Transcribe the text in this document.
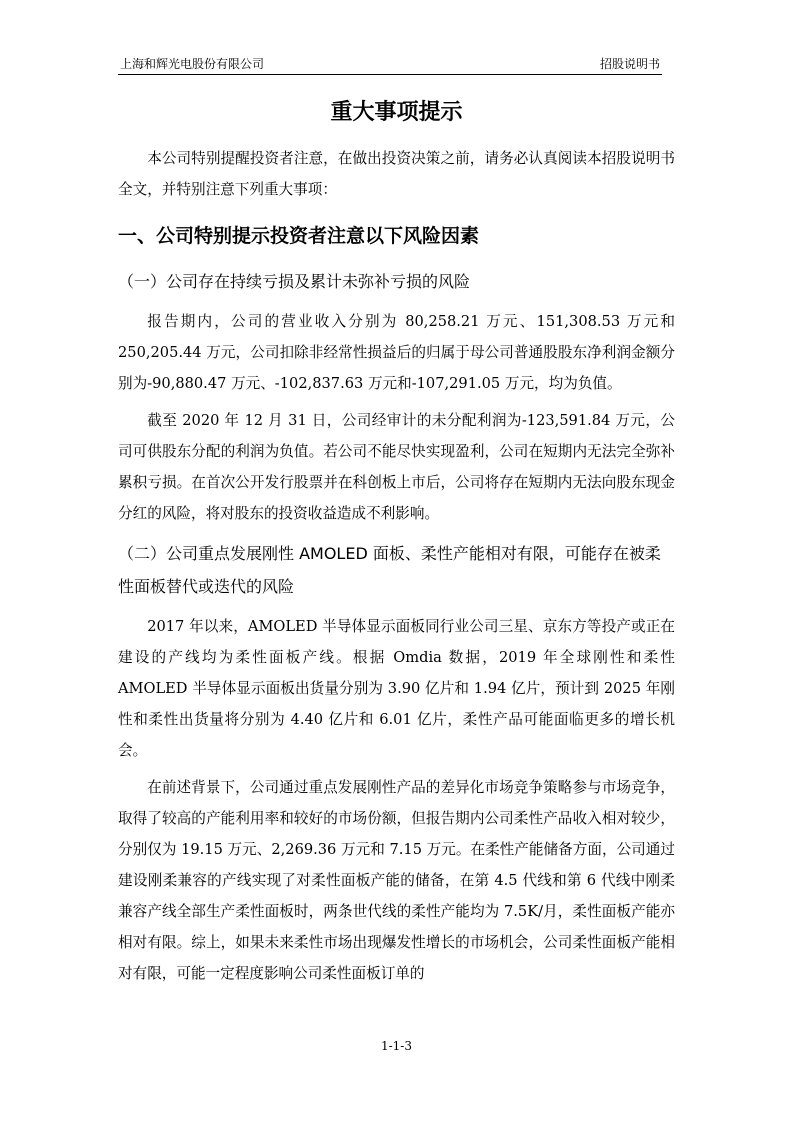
上海和辉光电股份有限公司	招股说明书
重大事项提示

本公司特别提醒投资者注意，在做出投资决策之前，请务必认真阅读本招股说明书全文，并特别注意下列重大事项：

一、公司特别提示投资者注意以下风险因素
（一）公司存在持续亏损及累计未弥补亏损的风险

报告期内，公司的营业收入分别为 80,258.21 万元、151,308.53 万元和 250,205.44 万元，公司扣除非经常性损益后的归属于母公司普通股股东净利润金额分别为-90,880.47 万元、-102,837.63 万元和-107,291.05 万元，均为负值。

截至 2020 年 12 月 31 日，公司经审计的未分配利润为-123,591.84 万元，公司可供股东分配的利润为负值。若公司不能尽快实现盈利，公司在短期内无法完全弥补累积亏损。在首次公开发行股票并在科创板上市后，公司将存在短期内无法向股东现金分红的风险，将对股东的投资收益造成不利影响。

（二）公司重点发展刚性 AMOLED 面板、柔性产能相对有限，可能存在被柔性面板替代或迭代的风险

2017 年以来，AMOLED 半导体显示面板同行业公司三星、京东方等投产或正在建设的产线均为柔性面板产线。根据 Omdia 数据，2019 年全球刚性和柔性 AMOLED 半导体显示面板出货量分别为 3.90 亿片和 1.94 亿片，预计到 2025 年刚性和柔性出货量将分别为 4.40 亿片和 6.01 亿片，柔性产品可能面临更多的增长机会。

在前述背景下，公司通过重点发展刚性产品的差异化市场竞争策略参与市场竞争，取得了较高的产能利用率和较好的市场份额，但报告期内公司柔性产品收入相对较少，分别仅为 19.15 万元、2,269.36 万元和 7.15 万元。在柔性产能储备方面，公司通过建设刚柔兼容的产线实现了对柔性面板产能的储备，在第 4.5 代线和第 6 代线中刚柔兼容产线全部生产柔性面板时，两条世代线的柔性产能均为 7.5K/月，柔性面板产能亦相对有限。综上，如果未来柔性市场出现爆发性增长的市场机会，公司柔性面板产能相对有限，可能一定程度影响公司柔性面板订单的

1-1-3
